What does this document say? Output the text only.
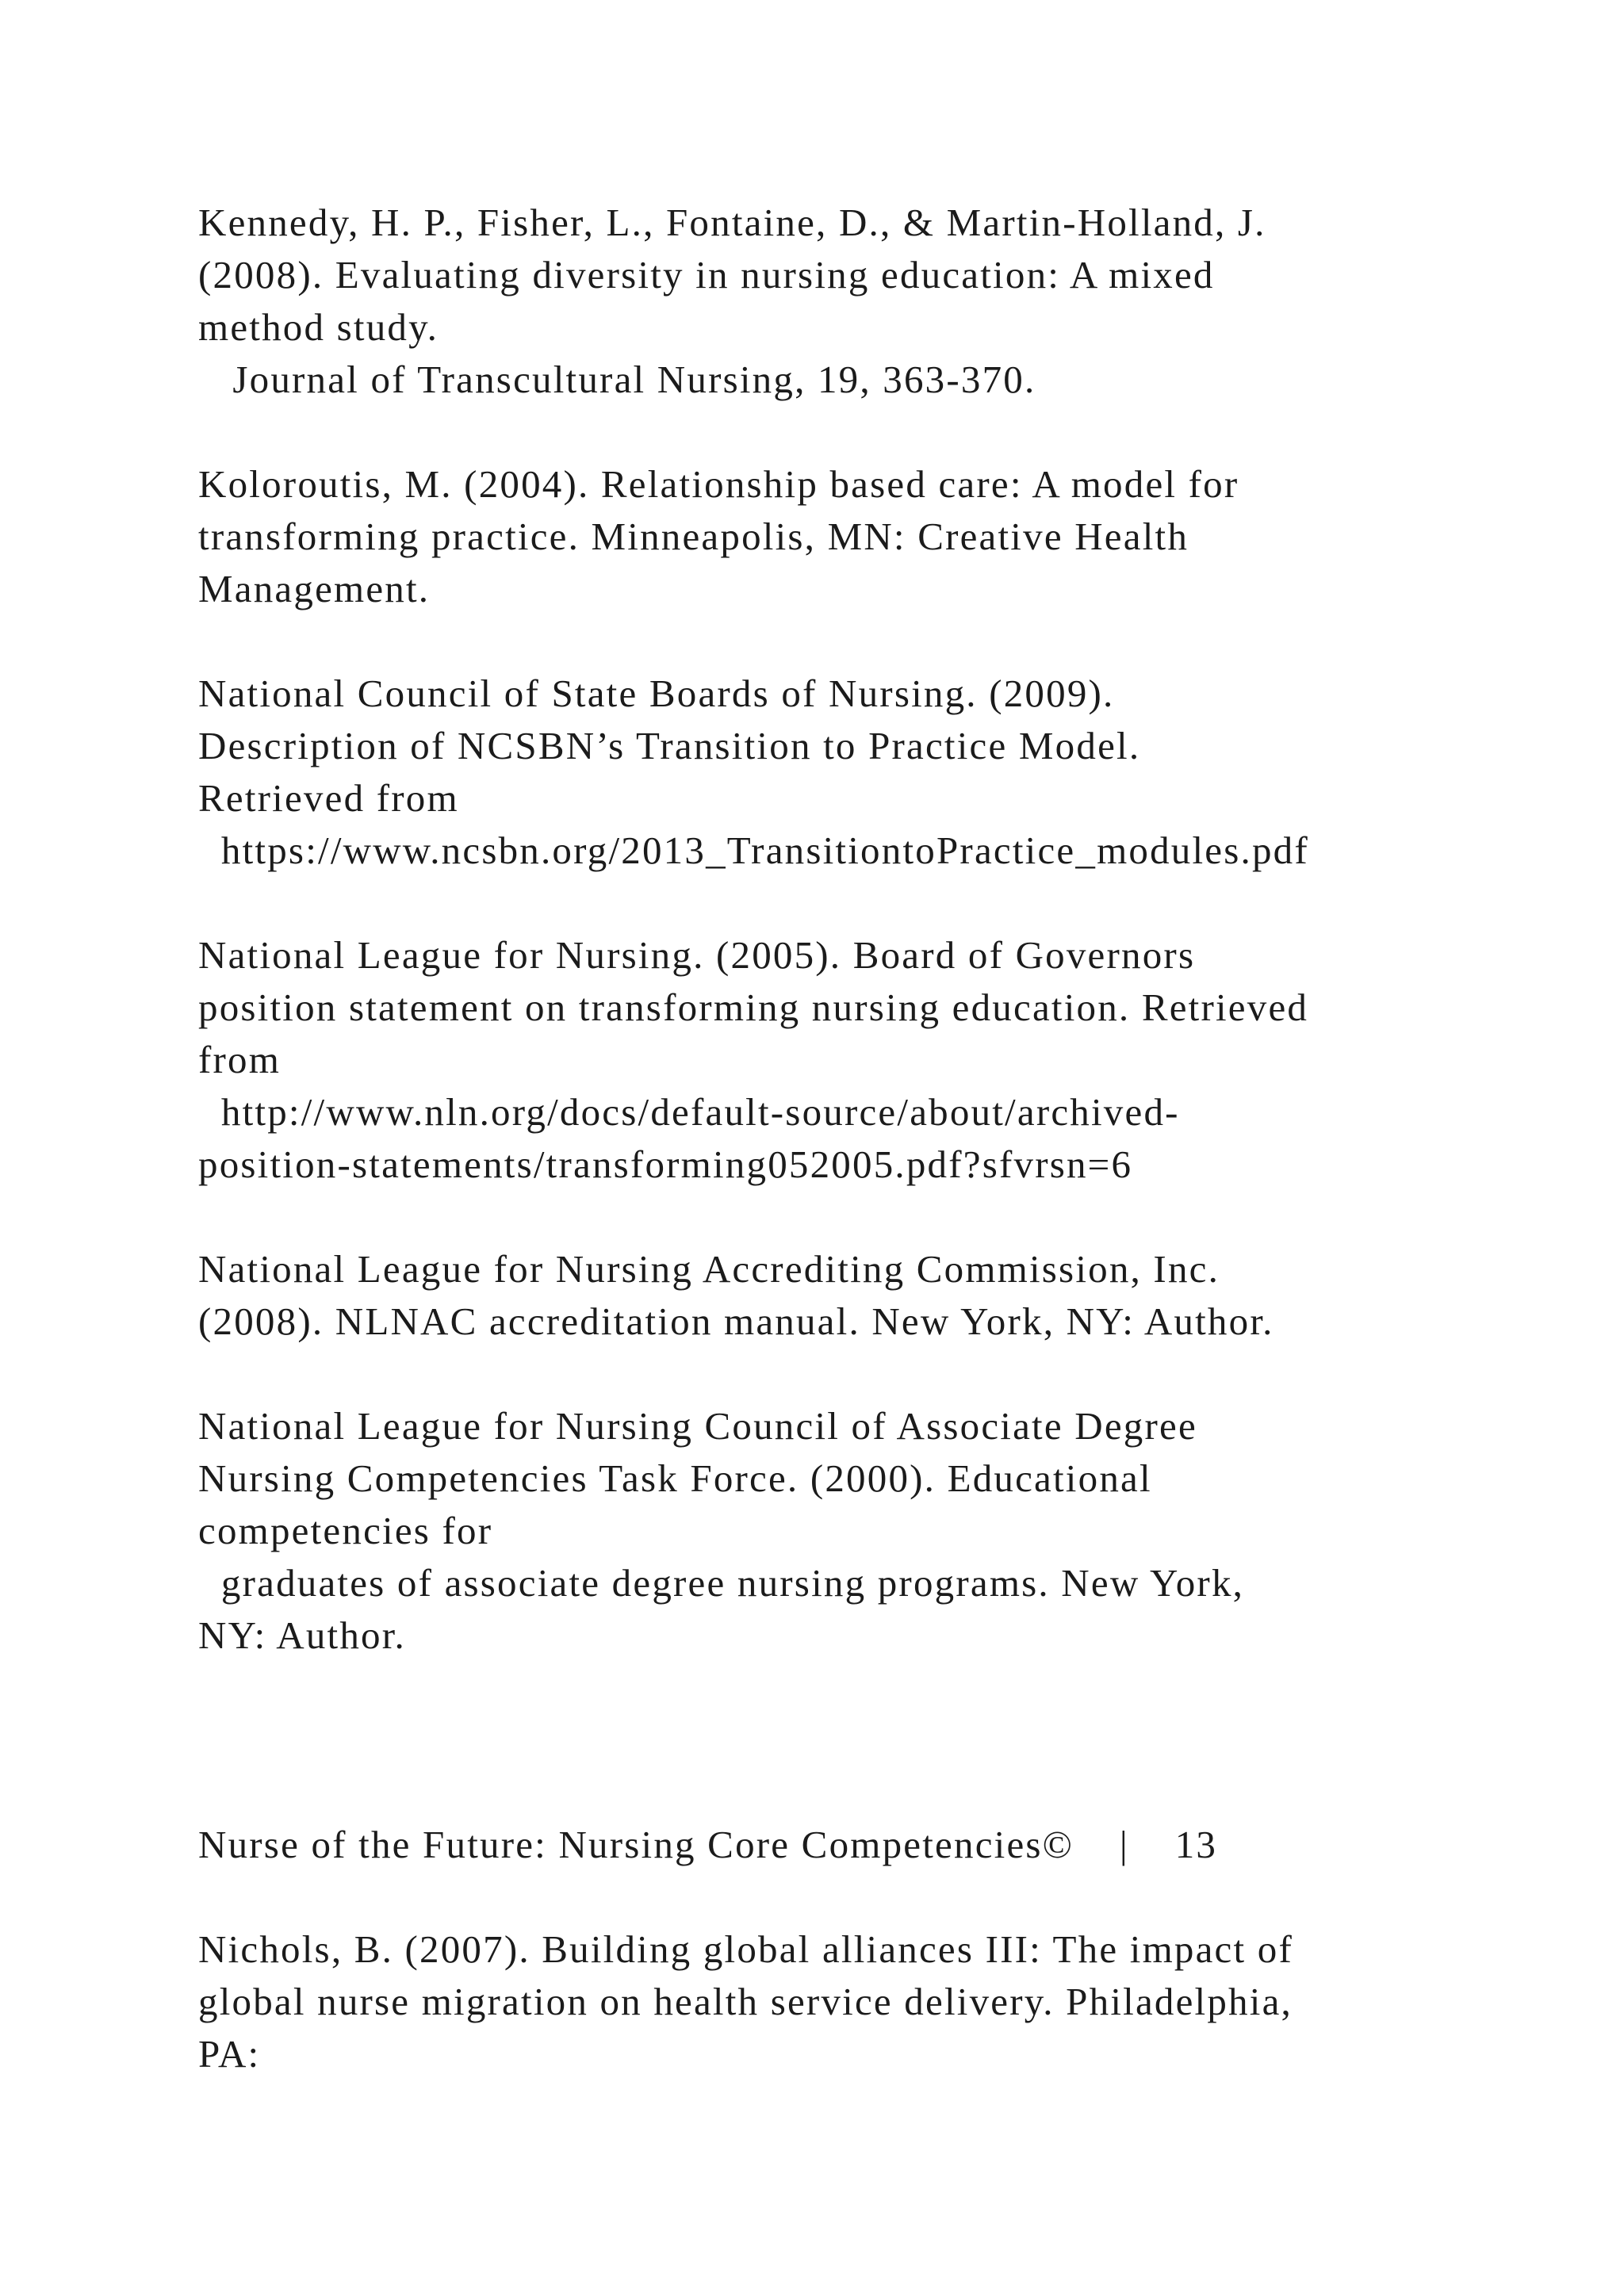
Kennedy, H. P., Fisher, L., Fontaine, D., & Martin-Holland, J.

(2008). Evaluating diversity in nursing education: A mixed

method study.

Journal of Transcultural Nursing, 19, 363-370.

Koloroutis, M. (2004). Relationship based care: A model for

transforming practice. Minneapolis, MN: Creative Health

Management.

National Council of State Boards of Nursing. (2009).

Description of NCSBN’s Transition to Practice Model.

Retrieved from

https://www.ncsbn.org/2013_TransitiontoPractice_modules.pdf

National League for Nursing. (2005). Board of Governors

position statement on transforming nursing education. Retrieved

from

http://www.nln.org/docs/default-source/about/archived-

position-statements/transforming052005.pdf?sfvrsn=6

National League for Nursing Accrediting Commission, Inc.

(2008). NLNAC accreditation manual. New York, NY: Author.

National League for Nursing Council of Associate Degree

Nursing Competencies Task Force. (2000). Educational

competencies for

graduates of associate degree nursing programs. New York,

NY: Author.

Nurse of the Future: Nursing Core Competencies©    |    13

Nichols, B. (2007). Building global alliances III: The impact of

global nurse migration on health service delivery. Philadelphia,

PA:
